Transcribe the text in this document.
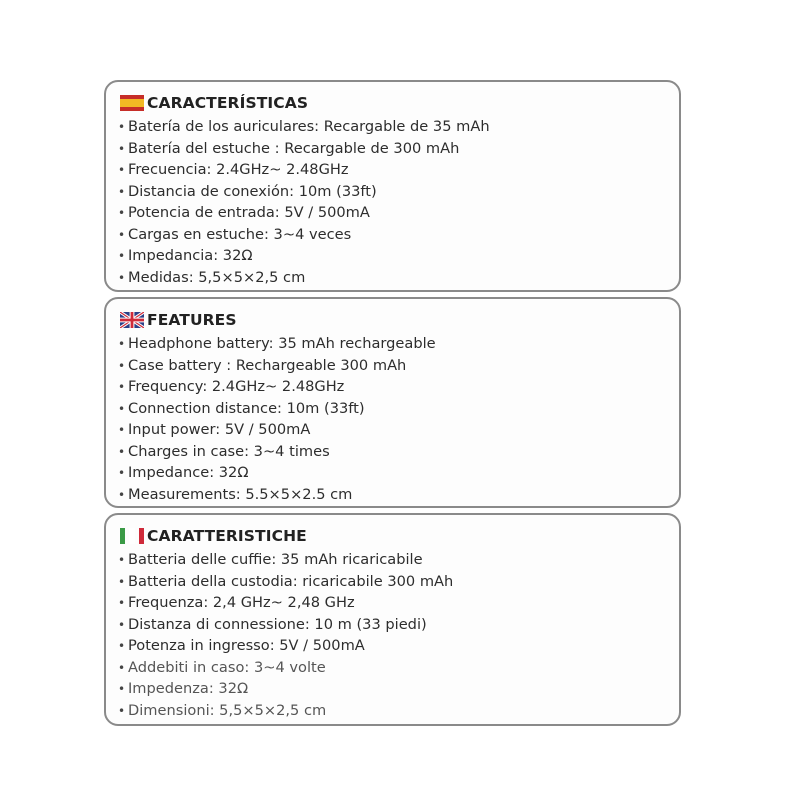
CARACTERÍSTICAS
• Batería de los auriculares: Recargable de 35 mAh
• Batería del estuche : Recargable de 300 mAh
• Frecuencia: 2.4GHz~ 2.48GHz
• Distancia de conexión: 10m (33ft)
• Potencia de entrada: 5V / 500mA
• Cargas en estuche: 3~4 veces
• Impedancia: 32Ω
• Medidas: 5,5×5×2,5 cm
FEATURES
• Headphone battery: 35 mAh rechargeable
• Case battery : Rechargeable 300 mAh
• Frequency: 2.4GHz~ 2.48GHz
• Connection distance: 10m (33ft)
• Input power: 5V / 500mA
• Charges in case: 3~4 times
• Impedance: 32Ω
• Measurements: 5.5×5×2.5 cm
CARATTERISTICHE
• Batteria delle cuffie: 35 mAh ricaricabile
• Batteria della custodia: ricaricabile 300 mAh
• Frequenza: 2,4 GHz~ 2,48 GHz
• Distanza di connessione: 10 m (33 piedi)
• Potenza in ingresso: 5V / 500mA
• Addebiti in caso: 3~4 volte
• Impedenza: 32Ω
• Dimensioni: 5,5×5×2,5 cm
